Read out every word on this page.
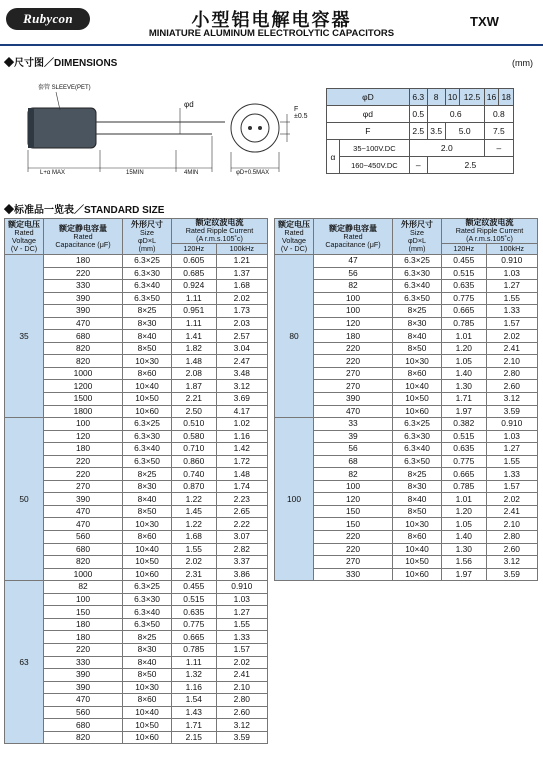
Rubycon	小型铝电解电容器
MINIATURE ALUMINUM ELECTROLYTIC CAPACITORS
TXW
◆尺寸图／DIMENSIONS	(mm)
套管 SLEEVE(PET)
φd
F ±0.5
L+α MAX	15MIN	4MIN	φD+0.5MAX
φD		6.3	8	10	12.5	16	18
φd		0.5	0.6			0.8	
F		2.5	3.5	5.0		7.5	
α	35~100V.DC	2.0				–	
	160~450V.DC	–	2.5				
◆标准品一览表／STANDARD SIZE
额定电压
Rated
Voltage
(V - DC)	额定静电容量
Rated
Capacitance (μF)	外形尺寸
Size
φD×L
(mm)	额定纹波电流
Rated Ripple Current
(A r.m.s.105˚c)	
			120Hz	100kHz
35	180	6.3×25	0.605	1.21
	220	6.3×30	0.685	1.37
	330	6.3×40	0.924	1.68
	390	6.3×50	1.11	2.02
	390	8×25	0.951	1.73
	470	8×30	1.11	2.03
	680	8×40	1.41	2.57
	820	8×50	1.82	3.04
	820	10×30	1.48	2.47
	1000	8×60	2.08	3.48
	1200	10×40	1.87	3.12
	1500	10×50	2.21	3.69
	1800	10×60	2.50	4.17
50	100	6.3×25	0.510	1.02
	120	6.3×30	0.580	1.16
	180	6.3×40	0.710	1.42
	220	6.3×50	0.860	1.72
	220	8×25	0.740	1.48
	270	8×30	0.870	1.74
	390	8×40	1.22	2.23
	470	8×50	1.45	2.65
	470	10×30	1.22	2.22
	560	8×60	1.68	3.07
	680	10×40	1.55	2.82
	820	10×50	2.02	3.37
	1000	10×60	2.31	3.86
63	82	6.3×25	0.455	0.910
	100	6.3×30	0.515	1.03
	150	6.3×40	0.635	1.27
	180	6.3×50	0.775	1.55
	180	8×25	0.665	1.33
	220	8×30	0.785	1.57
	330	8×40	1.11	2.02
	390	8×50	1.32	2.41
	390	10×30	1.16	2.10
	470	8×60	1.54	2.80
	560	10×40	1.43	2.60
	680	10×50	1.71	3.12
	820	10×60	2.15	3.59
额定电压
Rated
Voltage
(V - DC)	额定静电容量
Rated
Capacitance (μF)	外形尺寸
Size
φD×L
(mm)	额定纹波电流
Rated Ripple Current
(A r.m.s.105˚c)	
			120Hz	100kHz
80	47	6.3×25	0.455	0.910
	56	6.3×30	0.515	1.03
	82	6.3×40	0.635	1.27
	100	6.3×50	0.775	1.55
	100	8×25	0.665	1.33
	120	8×30	0.785	1.57
	180	8×40	1.01	2.02
	220	8×50	1.20	2.41
	220	10×30	1.05	2.10
	270	8×60	1.40	2.80
	270	10×40	1.30	2.60
	390	10×50	1.71	3.12
	470	10×60	1.97	3.59
100	33	6.3×25	0.382	0.910
	39	6.3×30	0.515	1.03
	56	6.3×40	0.635	1.27
	68	6.3×50	0.775	1.55
	82	8×25	0.665	1.33
	100	8×30	0.785	1.57
	120	8×40	1.01	2.02
	150	8×50	1.20	2.41
	150	10×30	1.05	2.10
	220	8×60	1.40	2.80
	220	10×40	1.30	2.60
	270	10×50	1.56	3.12
	330	10×60	1.97	3.59
